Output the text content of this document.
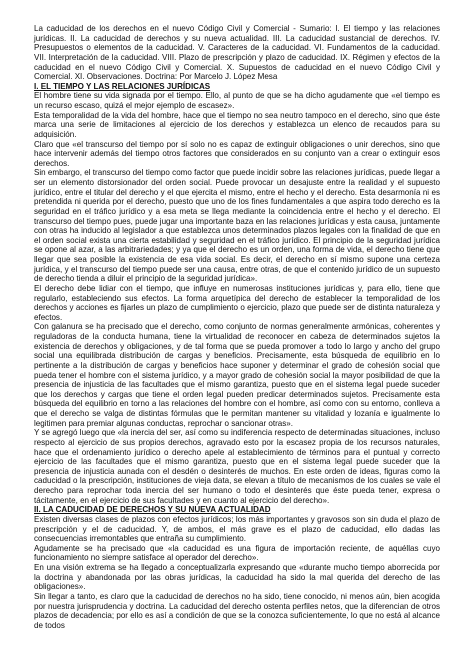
La caducidad de los derechos en el nuevo Código Civil y Comercial - Sumario: I. El tiempo y las relaciones jurídicas. II. La caducidad de derechos y su nueva actualidad. III. La caducidad sustancial de derechos. IV. Presupuestos o elementos de la caducidad. V. Caracteres de la caducidad. VI. Fundamentos de la caducidad. VII. Interpretación de la caducidad. VIII. Plazo de prescripción y plazo de caducidad. IX. Régimen y efectos de la caducidad en el nuevo Código Civil y Comercial. X. Supuestos de caducidad en el nuevo Código Civil y Comercial. XI. Observaciones. Doctrina: Por Marcelo J. López Mesa

I. EL TIEMPO Y LAS RELACIONES JURÍDICAS

El hombre tiene su vida signada por el tiempo. Ello, al punto de que se ha dicho agudamente que «el tiempo es un recurso escaso, quizá el mejor ejemplo de escasez».

Esta temporalidad de la vida del hombre, hace que el tiempo no sea neutro tampoco en el derecho, sino que éste marca una serie de limitaciones al ejercicio de los derechos y establezca un elenco de recaudos para su adquisición.

Claro que «el transcurso del tiempo por sí solo no es capaz de extinguir obligaciones o unir derechos, sino que hace intervenir además del tiempo otros factores que considerados en su conjunto van a crear o extinguir esos derechos.

Sin embargo, el transcurso del tiempo como factor que puede incidir sobre las relaciones jurídicas, puede llegar a ser un elemento distorsionador del orden social. Puede provocar un desajuste entre la realidad y el supuesto jurídico, entre el titular del derecho y el que ejercita el mismo, entre el hecho y el derecho. Esta desarmonía ni es pretendida ni querida por el derecho, puesto que uno de los fines fundamentales a que aspira todo derecho es la seguridad en el tráfico jurídico y a esa meta se llega mediante la coincidencia entre el hecho y el derecho. El transcurso del tiempo pues, puede jugar una importante baza en las relaciones jurídicas y esta causa, juntamente con otras ha inducido al legislador a que establezca unos determinados plazos legales con la finalidad de que en el orden social exista una cierta estabilidad y seguridad en el tráfico jurídico. El principio de la seguridad jurídica se opone al azar, a las arbitrariedades; y ya que el derecho es un orden, una forma de vida, el derecho tiene que llegar que sea posible la existencia de esa vida social. Es decir, el derecho en sí mismo supone una certeza jurídica, y el transcurso del tiempo puede ser una causa, entre otras, de que el contenido jurídico de un supuesto de derecho tienda a diluir el principio de la seguridad jurídica».

El derecho debe lidiar con el tiempo, que influye en numerosas instituciones jurídicas y, para ello, tiene que regularlo, estableciendo sus efectos. La forma arquetípica del derecho de establecer la temporalidad de los derechos y acciones es fijarles un plazo de cumplimiento o ejercicio, plazo que puede ser de distinta naturaleza y efectos.

Con galanura se ha precisado que el derecho, como conjunto de normas generalmente armónicas, coherentes y reguladoras de la conducta humana, tiene la virtualidad de reconocer en cabeza de determinados sujetos la existencia de derechos y obligaciones, y de tal forma que se pueda promover a todo lo largo y ancho del grupo social una equilibrada distribución de cargas y beneficios. Precisamente, esta búsqueda de equilibrio en lo pertinente a la distribución de cargas y beneficios hace suponer y determinar el grado de cohesión social que pueda tener el hombre con el sistema jurídico, y a mayor grado de cohesión social la mayor posibilidad de que la presencia de injusticia de las facultades que el mismo garantiza, puesto que en el sistema legal puede suceder que los derechos y cargas que tiene el orden legal pueden predicar determinados sujetos. Precisamente esta búsqueda del equilibrio en torno a las relaciones del hombre con el hombre, así como con su entorno, conlleva a que el derecho se valga de distintas fórmulas que le permitan mantener su vitalidad y lozanía e igualmente lo legitimen para premiar algunas conductas, reprochar o sancionar otras».

Y se agregó luego que «la inercia del ser, así como su indiferencia respecto de determinadas situaciones, incluso respecto al ejercicio de sus propios derechos, agravado esto por la escasez propia de los recursos naturales, hace que el ordenamiento jurídico o derecho apele al establecimiento de términos para el puntual y correcto ejercicio de las facultades que el mismo garantiza, puesto que en el sistema legal puede suceder que la presencia de injusticia aunada con el desdén o desinterés de muchos. En este orden de ideas, figuras como la caducidad o la prescripción, instituciones de vieja data, se elevan a título de mecanismos de los cuales se vale el derecho para reprochar toda inercia del ser humano o todo el desinterés que éste pueda tener, expresa o tácitamente, en el ejercicio de sus facultades y en cuanto al ejercicio del derecho».

II. LA CADUCIDAD DE DERECHOS Y SU NUEVA ACTUALIDAD

Existen diversas clases de plazos con efectos jurídicos; los más importantes y gravosos son sin duda el plazo de prescripción y el de caducidad. Y, de ambos, el más grave es el plazo de caducidad, ello dadas las consecuencias irremontables que entraña su cumplimiento.

Agudamente se ha precisado que «la caducidad es una figura de importación reciente, de aquéllas cuyo funcionamiento no siempre satisface al operador del derecho».

En una visión extrema se ha llegado a conceptualizarla expresando que «durante mucho tiempo aborrecida por la doctrina y abandonada por las obras jurídicas, la caducidad ha sido la mal querida del derecho de las obligaciones».

Sin llegar a tanto, es claro que la caducidad de derechos no ha sido, tiene conocido, ni menos aún, bien acogida por nuestra jurisprudencia y doctrina. La caducidad del derecho ostenta perfiles netos, que la diferencian de otros plazos de decadencia; por ello es así a condición de que se la conozca suficientemente, lo que no está al alcance de todos
